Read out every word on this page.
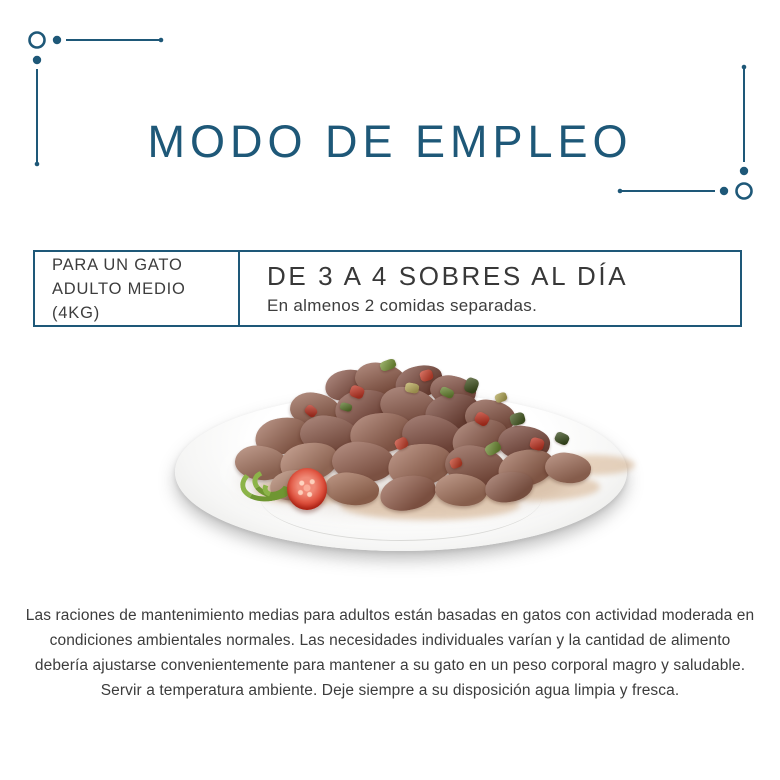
MODO DE EMPLEO
PARA UN GATO
ADULTO MEDIO (4KG)
DE 3 A 4 SOBRES AL DÍA
En almenos 2 comidas separadas.
Las raciones de mantenimiento medias para adultos están basadas en gatos con actividad moderada en
condiciones ambientales normales. Las necesidades individuales varían y la cantidad de alimento
debería ajustarse convenientemente para mantener a su gato en un peso corporal magro y saludable.
Servir a temperatura ambiente. Deje siempre a su disposición agua limpia y fresca.
